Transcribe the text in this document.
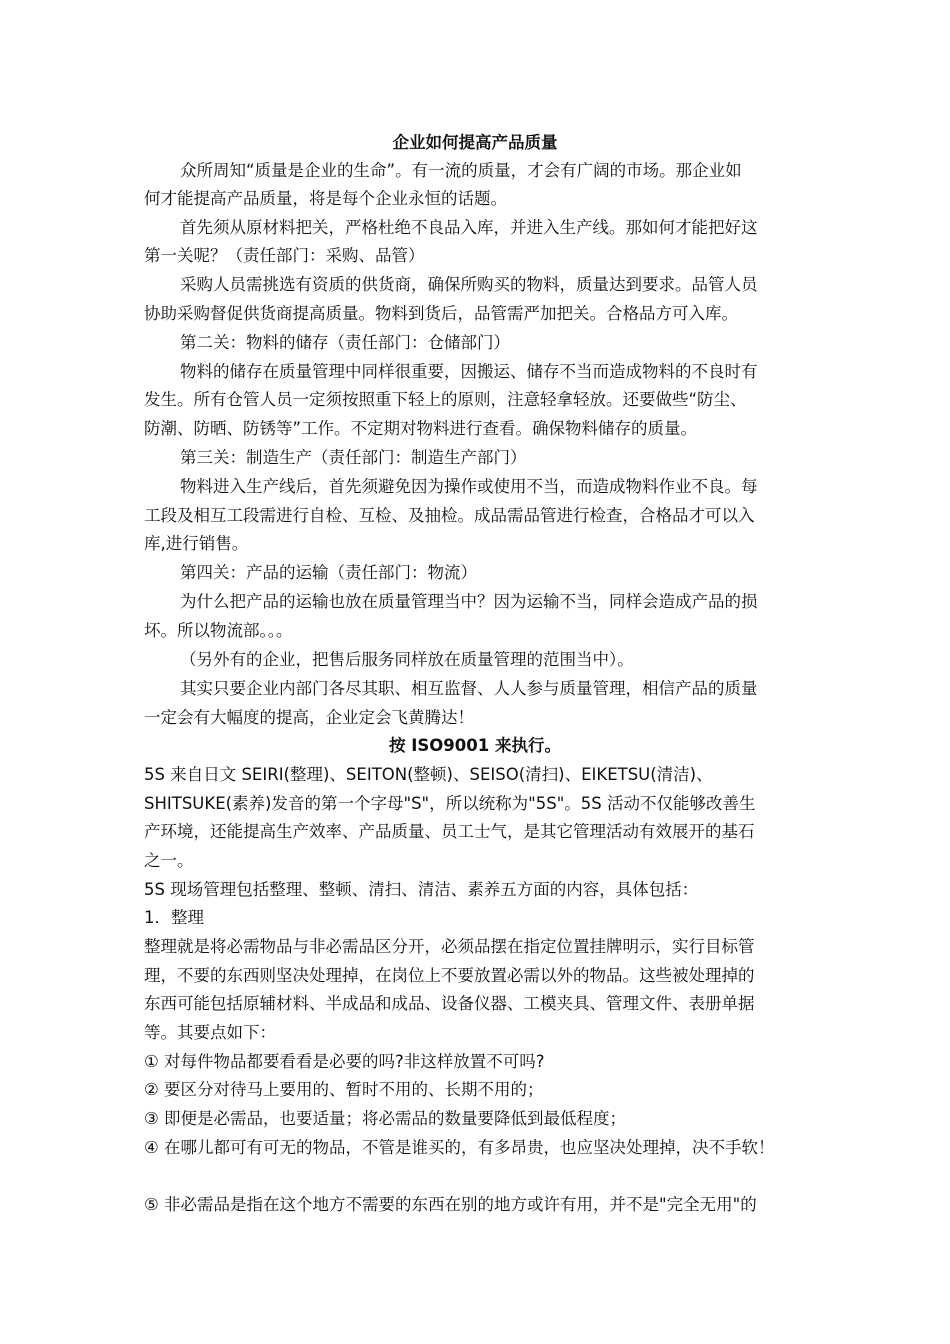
企业如何提高产品质量
众所周知“质量是企业的生命”。有一流的质量，才会有广阔的市场。那企业如
何才能提高产品质量，将是每个企业永恒的话题。
首先须从原材料把关，严格杜绝不良品入库，并进入生产线。那如何才能把好这
第一关呢？（责任部门：采购、品管）
采购人员需挑选有资质的供货商，确保所购买的物料，质量达到要求。品管人员
协助采购督促供货商提高质量。物料到货后，品管需严加把关。合格品方可入库。
第二关：物料的储存（责任部门：仓储部门）
物料的储存在质量管理中同样很重要，因搬运、储存不当而造成物料的不良时有
发生。所有仓管人员一定须按照重下轻上的原则，注意轻拿轻放。还要做些“防尘、
防潮、防晒、防锈等”工作。不定期对物料进行查看。确保物料储存的质量。
第三关：制造生产（责任部门：制造生产部门）
物料进入生产线后，首先须避免因为操作或使用不当，而造成物料作业不良。每
工段及相互工段需进行自检、互检、及抽检。成品需品管进行检查，合格品才可以入
库,进行销售。
第四关：产品的运输（责任部门：物流）
为什么把产品的运输也放在质量管理当中？因为运输不当，同样会造成产品的损
坏。所以物流部。。。
（另外有的企业，把售后服务同样放在质量管理的范围当中）。
其实只要企业内部门各尽其职、相互监督、人人参与质量管理，相信产品的质量
一定会有大幅度的提高，企业定会飞黄腾达！
按 ISO9001 来执行。
5S 来自日文 SEIRI(整理)、SEITON(整顿)、SEISO(清扫)、EIKETSU(清洁)、
SHITSUKE(素养)发音的第一个字母"S"，所以统称为"5S"。5S 活动不仅能够改善生
产环境，还能提高生产效率、产品质量、员工士气，是其它管理活动有效展开的基石
之一。
5S 现场管理包括整理、整顿、清扫、清洁、素养五方面的内容，具体包括：
1．整理
整理就是将必需物品与非必需品区分开，必须品摆在指定位置挂牌明示，实行目标管
理，不要的东西则坚决处理掉，在岗位上不要放置必需以外的物品。这些被处理掉的
东西可能包括原辅材料、半成品和成品、设备仪器、工模夹具、管理文件、表册单据
等。其要点如下：
① 对每件物品都要看看是必要的吗?非这样放置不可吗?
② 要区分对待马上要用的、暂时不用的、长期不用的；
③ 即便是必需品，也要适量；将必需品的数量要降低到最低程度；
④ 在哪儿都可有可无的物品，不管是谁买的，有多昂贵，也应坚决处理掉，决不手软！
⑤ 非必需品是指在这个地方不需要的东西在别的地方或许有用，并不是"完全无用"的
